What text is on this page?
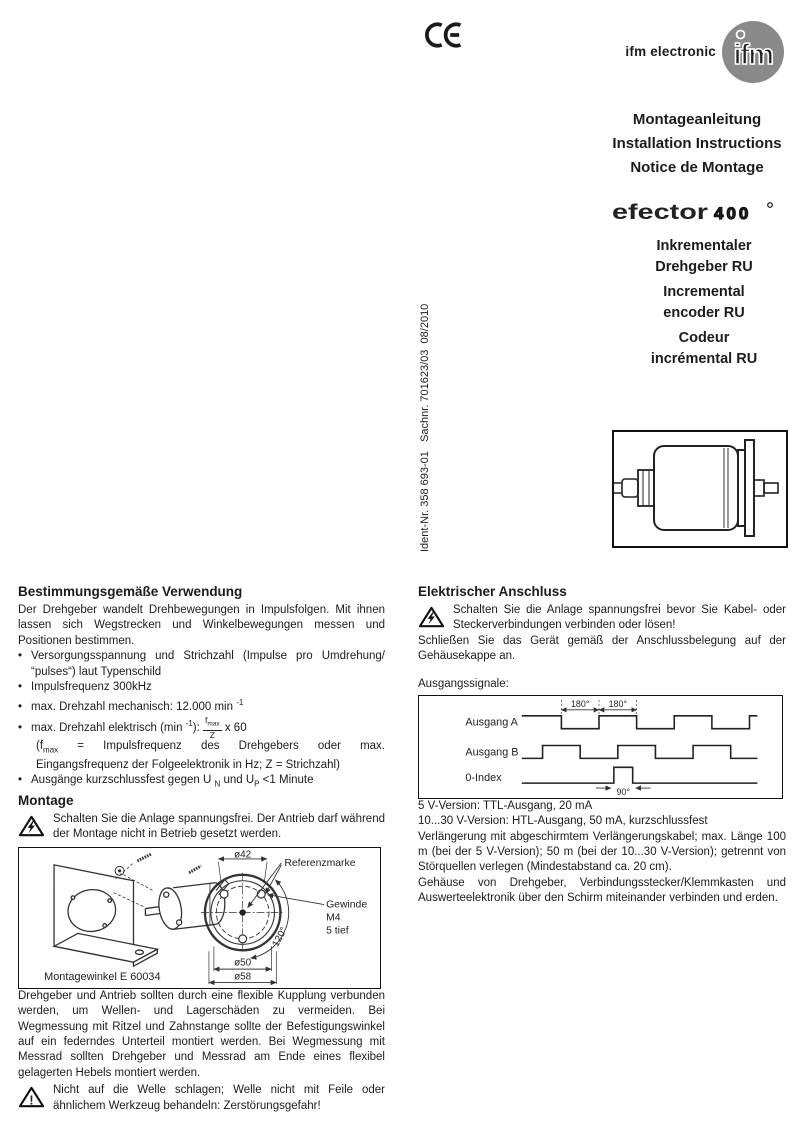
ifm electronic ifm
Montageanleitung
Installation Instructions
Notice de Montage
efector 400
Inkrementaler
Drehgeber RU
Incremental
encoder RU
Codeur
incrémental RU
Ident-Nr. 358 693-01   Sachnr. 701623/03  08/2010
Bestimmungsgemäße Verwendung

Der Drehgeber wandelt Drehbewegungen in Impulsfolgen. Mit ihnen lassen sich Wegstrecken und Winkelbewegungen messen und Positionen bestimmen.

• Versorgungsspannung und Strichzahl (Impulse pro Umdrehung/ “pulses“) laut Typenschild
• Impulsfrequenz 300kHz
• max. Drehzahl mechanisch: 12.000 min $^{-1}$
• max. Drehzahl elektrisch (min $^{-1}$): $\frac{f_{max}}{Z}$ x 60
($f_{max}$ = Impulsfrequenz des Drehgebers oder max. Eingangsfrequenz der Folgeelektronik in Hz; Z = Strichzahl)
• Ausgänge kurzschlussfest gegen U $_N$ und $U_P <1$ Minute
Montage

Schalten Sie die Anlage spannungsfrei. Der Antrieb darf während der Montage nicht in Betrieb gesetzt werden.

ø42
Referenzmarke
Gewinde
M4
5 tief
120°
ø50
ø58
Montagewinkel E 60034

Drehgeber und Antrieb sollten durch eine flexible Kupplung verbunden werden, um Wellen- und Lagerschäden zu vermeiden. Bei Wegmessung mit Ritzel und Zahnstange sollte der Befestigungswinkel auf ein federndes Unterteil montiert werden. Bei Wegmessung mit Messrad sollten Drehgeber und Messrad am Ende eines flexibel gelagerten Hebels montiert werden.

!

Nicht auf die Welle schlagen; Welle nicht mit Feile oder ähnlichem Werkzeug behandeln: Zerstörungsgefahr!

Elektrischer Anschluss

Schalten Sie die Anlage spannungsfrei bevor Sie Kabel- oder Steckerverbindungen verbinden oder lösen!

Schließen Sie das Gerät gemäß der Anschlussbelegung auf der Gehäusekappe an.

Ausgangssignale:
Ausgang A
Ausgang B
0-Index
180° 180°
90°

5 V-Version: TTL-Ausgang, 20 mA

10...30 V-Version: HTL-Ausgang, 50 mA, kurzschlussfest

Verlängerung mit abgeschirmtem Verlängerungskabel; max. Länge 100 m (bei der 5 V-Version); 50 m (bei der 10...30 V-Version); getrennt von Störquellen verlegen (Mindestabstand ca. 20 cm).

Gehäuse von Drehgeber, Verbindungsstecker/Klemmkasten und Auswerteelektronik über den Schirm miteinander verbinden und erden.
